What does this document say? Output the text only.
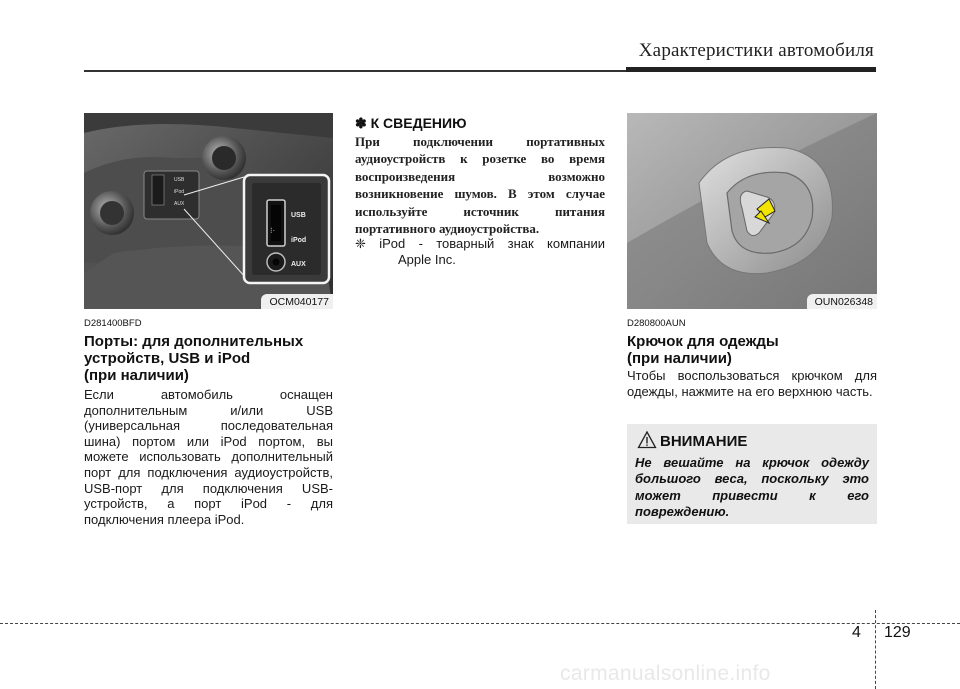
Характеристики автомобиля
USB
iPod
AUX
USB
iPod
AUX
⁝·
OCM040177
D281400BFD
Порты: для дополнительных
устройств, USB и iPod
(при наличии)
Если автомобиль оснащен дополнительным и/или USB (универсальная последовательная шина) портом или iPod портом, вы можете использовать дополнительный порт для подключения аудиоустройств, USB-порт для подключения USB-устройств, а порт iPod - для подключения плеера iPod.
✽ К СВЕДЕНИЮ
При подключении портативных аудиоустройств к розетке во время воспроизведения возможно возникновение шумов. В этом случае используйте источник питания портативного аудиоустройства.
❈ iPod - товарный знак компании
Apple Inc.
OUN026348
D280800AUN
Крючок для одежды
(при наличии)
Чтобы воспользоваться крючком для одежды, нажмите на его верхнюю часть.
ВНИМАНИЕ
Не вешайте на крючок одежду большого веса, поскольку это может привести к его повреждению.
4 129
carmanualsonline.info
